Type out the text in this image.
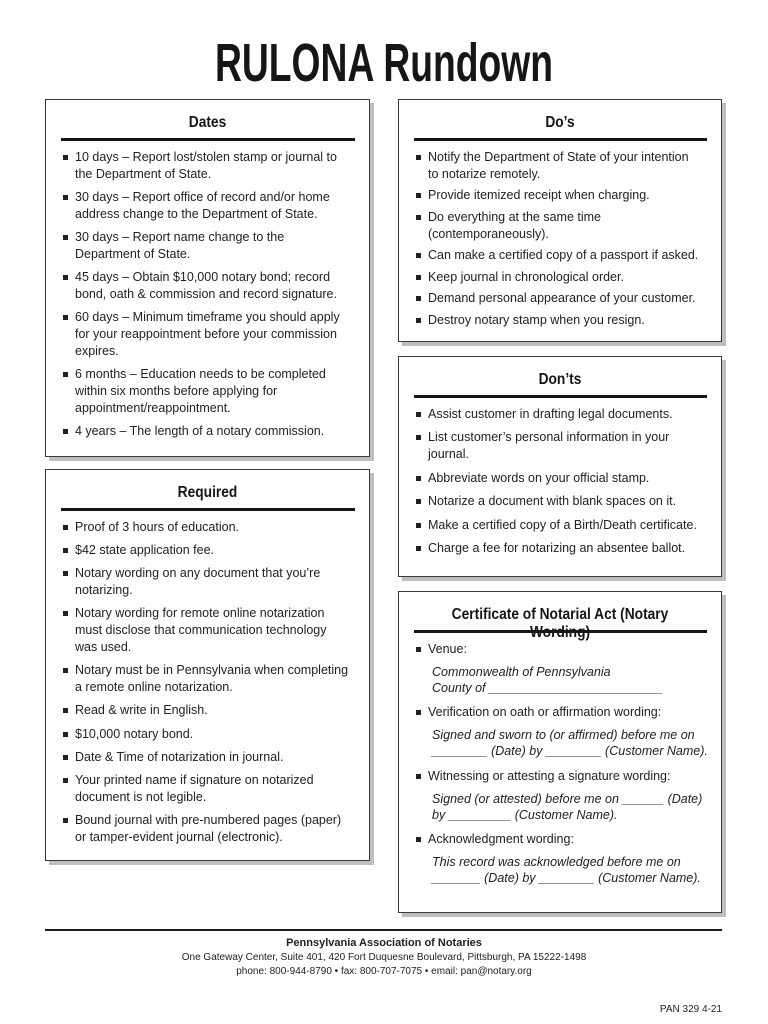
RULONA Rundown
Dates
10 days – Report lost/stolen stamp or journal to
the Department of State.
30 days – Report office of record and/or home
address change to the Department of State.
30 days – Report name change to the
Department of State.
45 days – Obtain $10,000 notary bond; record
bond, oath & commission and record signature.
60 days – Minimum timeframe you should apply
for your reappointment before your commission
expires.
6 months – Education needs to be completed
within six months before applying for
appointment/reappointment.
4 years – The length of a notary commission.
Do’s
Notify the Department of State of your intention
to notarize remotely.
Provide itemized receipt when charging.
Do everything at the same time
(contemporaneously).
Can make a certified copy of a passport if asked.
Keep journal in chronological order.
Demand personal appearance of your customer.
Destroy notary stamp when you resign.
Don’ts
Assist customer in drafting legal documents.
List customer’s personal information in your
journal.
Abbreviate words on your official stamp.
Notarize a document with blank spaces on it.
Make a certified copy of a Birth/Death certificate.
Charge a fee for notarizing an absentee ballot.
Required
Proof of 3 hours of education.
$42 state application fee.
Notary wording on any document that you’re
notarizing.
Notary wording for remote online notarization
must disclose that communication technology
was used.
Notary must be in Pennsylvania when completing
a remote online notarization.
Read & write in English.
$10,000 notary bond.
Date & Time of notarization in journal.
Your printed name if signature on notarized
document is not legible.
Bound journal with pre-numbered pages (paper)
or tamper-evident journal (electronic).
Certificate of Notarial Act (Notary Wording)
Venue:
Commonwealth of Pennsylvania
County of _________________________
Verification on oath or affirmation wording:
Signed and sworn to (or affirmed) before me on
________ (Date) by ________ (Customer Name).
Witnessing or attesting a signature wording:
Signed (or attested) before me on ______ (Date)
by _________ (Customer Name).
Acknowledgment wording:
This record was acknowledged before me on
_______ (Date) by ________ (Customer Name).
Pennsylvania Association of Notaries
One Gateway Center, Suite 401, 420 Fort Duquesne Boulevard, Pittsburgh, PA 15222-1498
phone: 800-944-8790 • fax: 800-707-7075 • email: pan@notary.org
PAN 329 4-21
